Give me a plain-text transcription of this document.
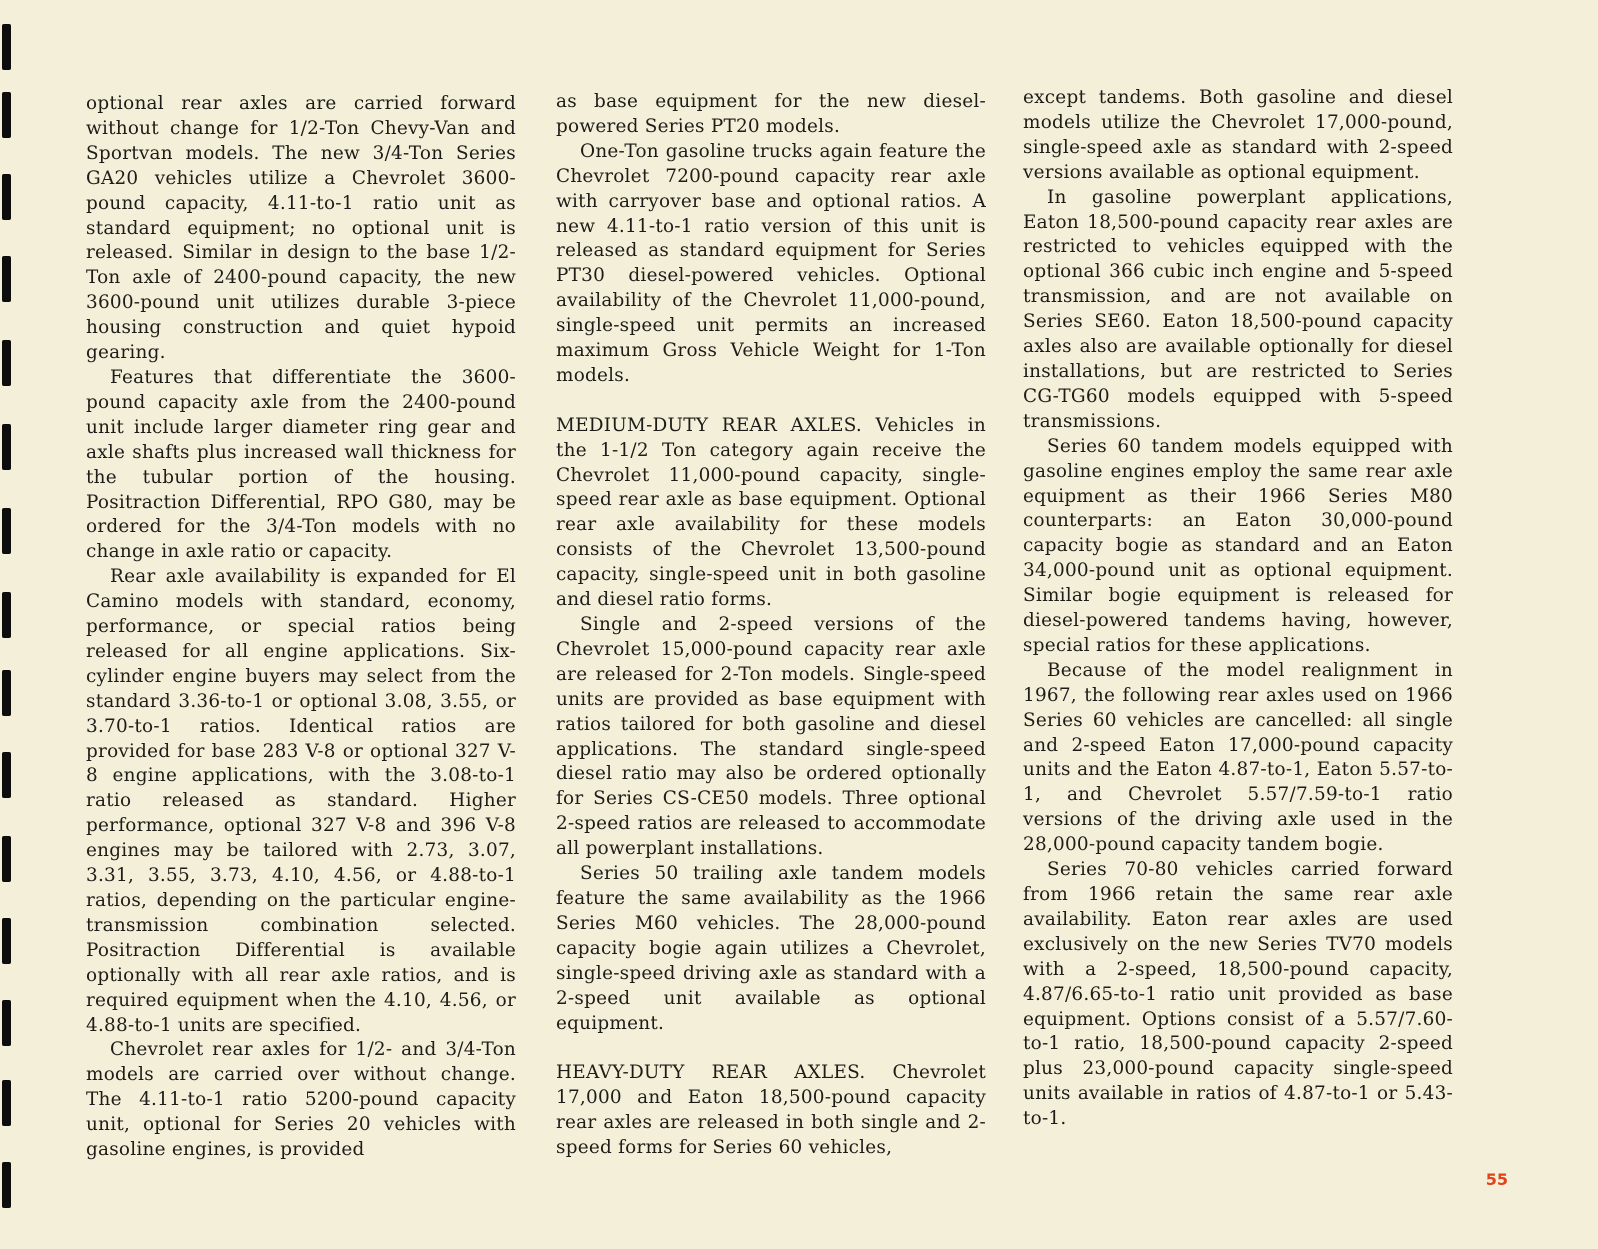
optional rear axles are carried forward without change for 1/2-Ton Chevy-Van and Sportvan models. The new 3/4-Ton Series GA20 vehicles utilize a Chevrolet 3600-pound capacity, 4.11-to-1 ratio unit as standard equipment; no optional unit is released. Similar in design to the base 1/2-Ton axle of 2400-pound capacity, the new 3600-pound unit utilizes durable 3-piece housing construction and quiet hypoid gearing.

Features that differentiate the 3600-pound capacity axle from the 2400-pound unit include larger diameter ring gear and axle shafts plus increased wall thickness for the tubular portion of the housing. Positraction Differential, RPO G80, may be ordered for the 3/4-Ton models with no change in axle ratio or capacity.

Rear axle availability is expanded for El Camino models with standard, economy, performance, or special ratios being released for all engine applications. Six-cylinder engine buyers may select from the standard 3.36-to-1 or optional 3.08, 3.55, or 3.70-to-1 ratios. Identical ratios are provided for base 283 V-8 or optional 327 V-8 engine applications, with the 3.08-to-1 ratio released as standard. Higher performance, optional 327 V-8 and 396 V-8 engines may be tailored with 2.73, 3.07, 3.31, 3.55, 3.73, 4.10, 4.56, or 4.88-to-1 ratios, depending on the particular engine-transmission combination selected. Positraction Differential is available optionally with all rear axle ratios, and is required equipment when the 4.10, 4.56, or 4.88-to-1 units are specified.

Chevrolet rear axles for 1/2- and 3/4-Ton models are carried over without change. The 4.11-to-1 ratio 5200-pound capacity unit, optional for Series 20 vehicles with gasoline engines, is provided

as base equipment for the new diesel-powered Series PT20 models.

One-Ton gasoline trucks again feature the Chevrolet 7200-pound capacity rear axle with carryover base and optional ratios. A new 4.11-to-1 ratio version of this unit is released as standard equipment for Series PT30 diesel-powered vehicles. Optional availability of the Chevrolet 11,000-pound, single-speed unit permits an increased maximum Gross Vehicle Weight for 1-Ton models.

MEDIUM-DUTY REAR AXLES. Vehicles in the 1-1/2 Ton category again receive the Chevrolet 11,000-pound capacity, single-speed rear axle as base equipment. Optional rear axle availability for these models consists of the Chevrolet 13,500-pound capacity, single-speed unit in both gasoline and diesel ratio forms.

Single and 2-speed versions of the Chevrolet 15,000-pound capacity rear axle are released for 2-Ton models. Single-speed units are provided as base equipment with ratios tailored for both gasoline and diesel applications. The standard single-speed diesel ratio may also be ordered optionally for Series CS-CE50 models. Three optional 2-speed ratios are released to accommodate all powerplant installations.

Series 50 trailing axle tandem models feature the same availability as the 1966 Series M60 vehicles. The 28,000-pound capacity bogie again utilizes a Chevrolet, single-speed driving axle as standard with a 2-speed unit available as optional equipment.

HEAVY-DUTY REAR AXLES. Chevrolet 17,000 and Eaton 18,500-pound capacity rear axles are released in both single and 2-speed forms for Series 60 vehicles,

except tandems. Both gasoline and diesel models utilize the Chevrolet 17,000-pound, single-speed axle as standard with 2-speed versions available as optional equipment.

In gasoline powerplant applications, Eaton 18,500-pound capacity rear axles are restricted to vehicles equipped with the optional 366 cubic inch engine and 5-speed transmission, and are not available on Series SE60. Eaton 18,500-pound capacity axles also are available optionally for diesel installations, but are restricted to Series CG-TG60 models equipped with 5-speed transmissions.

Series 60 tandem models equipped with gasoline engines employ the same rear axle equipment as their 1966 Series M80 counterparts: an Eaton 30,000-pound capacity bogie as standard and an Eaton 34,000-pound unit as optional equipment. Similar bogie equipment is released for diesel-powered tandems having, however, special ratios for these applications.

Because of the model realignment in 1967, the following rear axles used on 1966 Series 60 vehicles are cancelled: all single and 2-speed Eaton 17,000-pound capacity units and the Eaton 4.87-to-1, Eaton 5.57-to-1, and Chevrolet 5.57/7.59-to-1 ratio versions of the driving axle used in the 28,000-pound capacity tandem bogie.

Series 70-80 vehicles carried forward from 1966 retain the same rear axle availability. Eaton rear axles are used exclusively on the new Series TV70 models with a 2-speed, 18,500-pound capacity, 4.87/6.65-to-1 ratio unit provided as base equipment. Options consist of a 5.57/7.60-to-1 ratio, 18,500-pound capacity 2-speed plus 23,000-pound capacity single-speed units available in ratios of 4.87-to-1 or 5.43-to-1.

55
